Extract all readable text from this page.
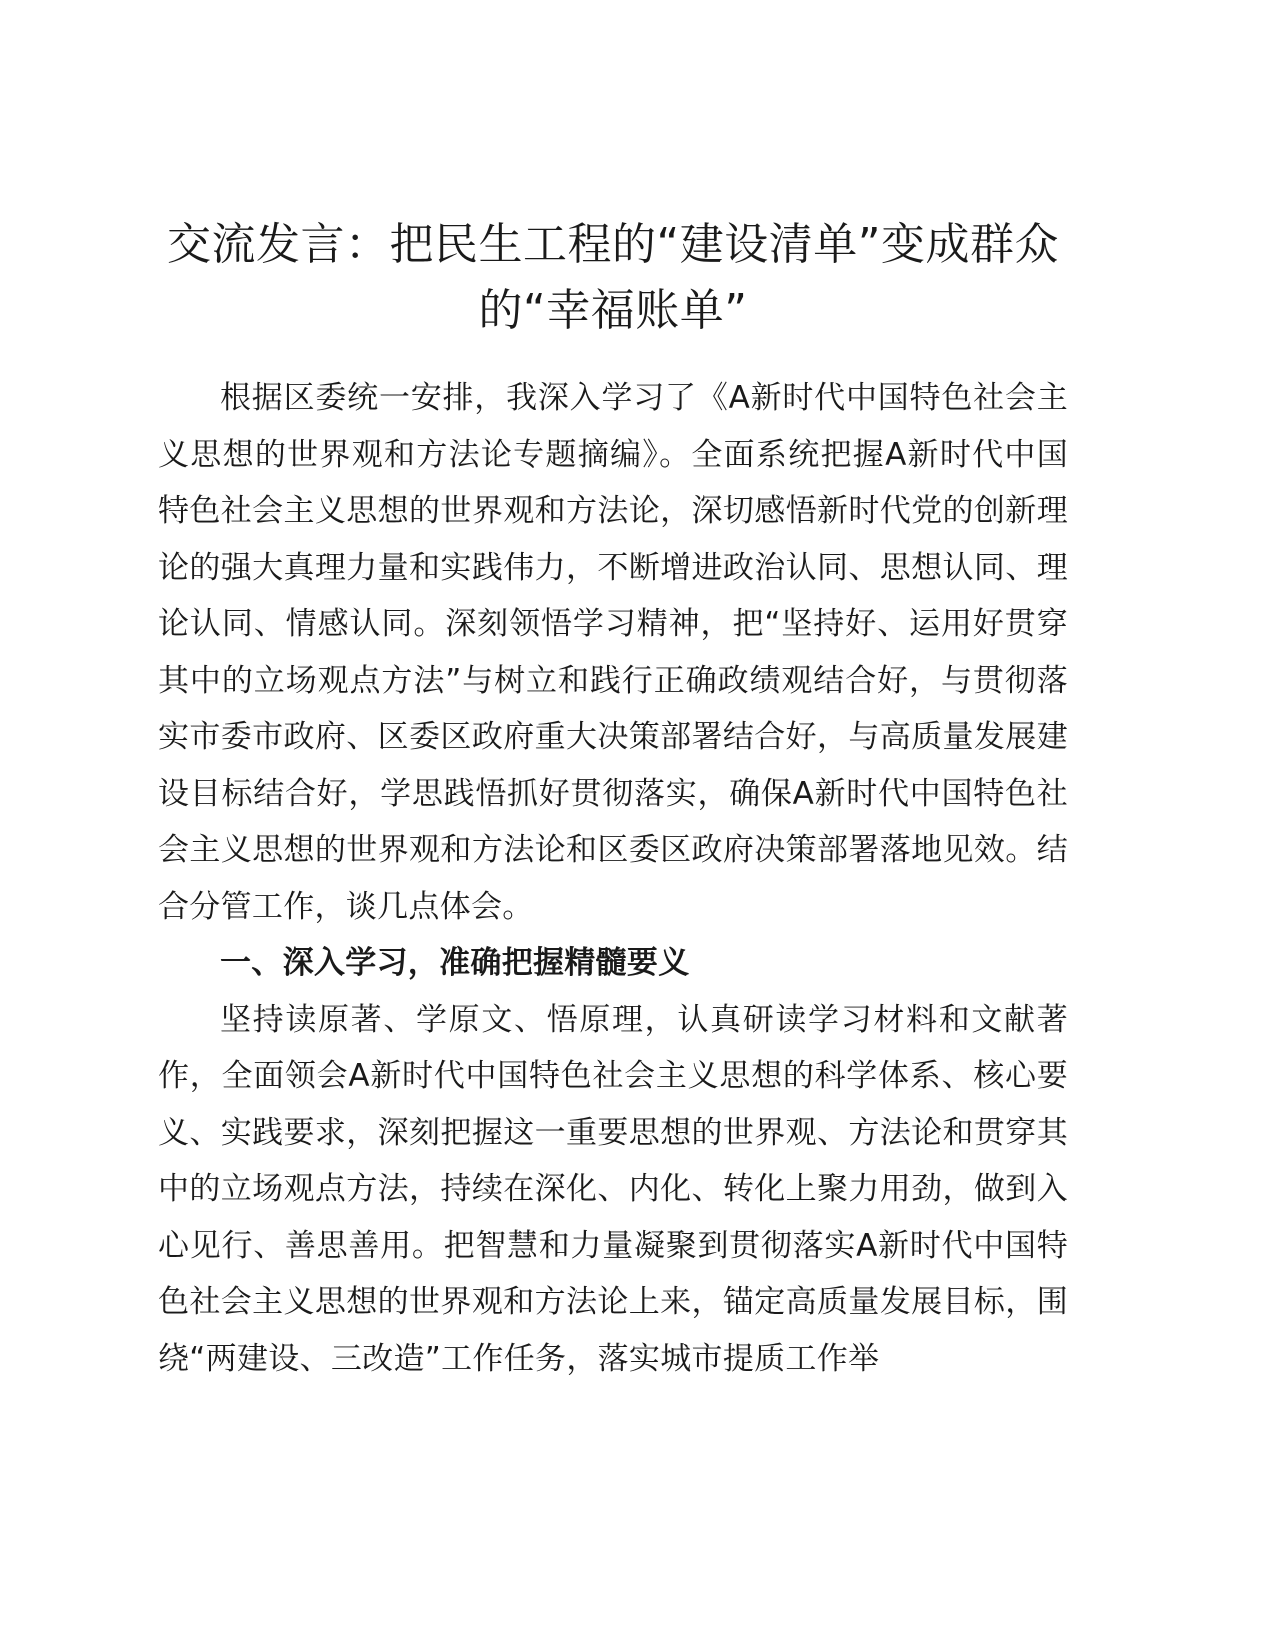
交流发言：把民生工程的“建设清单”变成群众的“幸福账单”

根据区委统一安排，我深入学习了《A新时代中国特色社会主义思想的世界观和方法论专题摘编》。全面系统把握A新时代中国特色社会主义思想的世界观和方法论，深切感悟新时代党的创新理论的强大真理力量和实践伟力，不断增进政治认同、思想认同、理论认同、情感认同。深刻领悟学习精神，把“坚持好、运用好贯穿其中的立场观点方法”与树立和践行正确政绩观结合好，与贯彻落实市委市政府、区委区政府重大决策部署结合好，与高质量发展建设目标结合好，学思践悟抓好贯彻落实，确保A新时代中国特色社会主义思想的世界观和方法论和区委区政府决策部署落地见效。结合分管工作，谈几点体会。

一、深入学习，准确把握精髓要义

坚持读原著、学原文、悟原理，认真研读学习材料和文献著作，全面领会A新时代中国特色社会主义思想的科学体系、核心要义、实践要求，深刻把握这一重要思想的世界观、方法论和贯穿其中的立场观点方法，持续在深化、内化、转化上聚力用劲，做到入心见行、善思善用。把智慧和力量凝聚到贯彻落实A新时代中国特色社会主义思想的世界观和方法论上来，锚定高质量发展目标，围绕“两建设、三改造”工作任务，落实城市提质工作举
